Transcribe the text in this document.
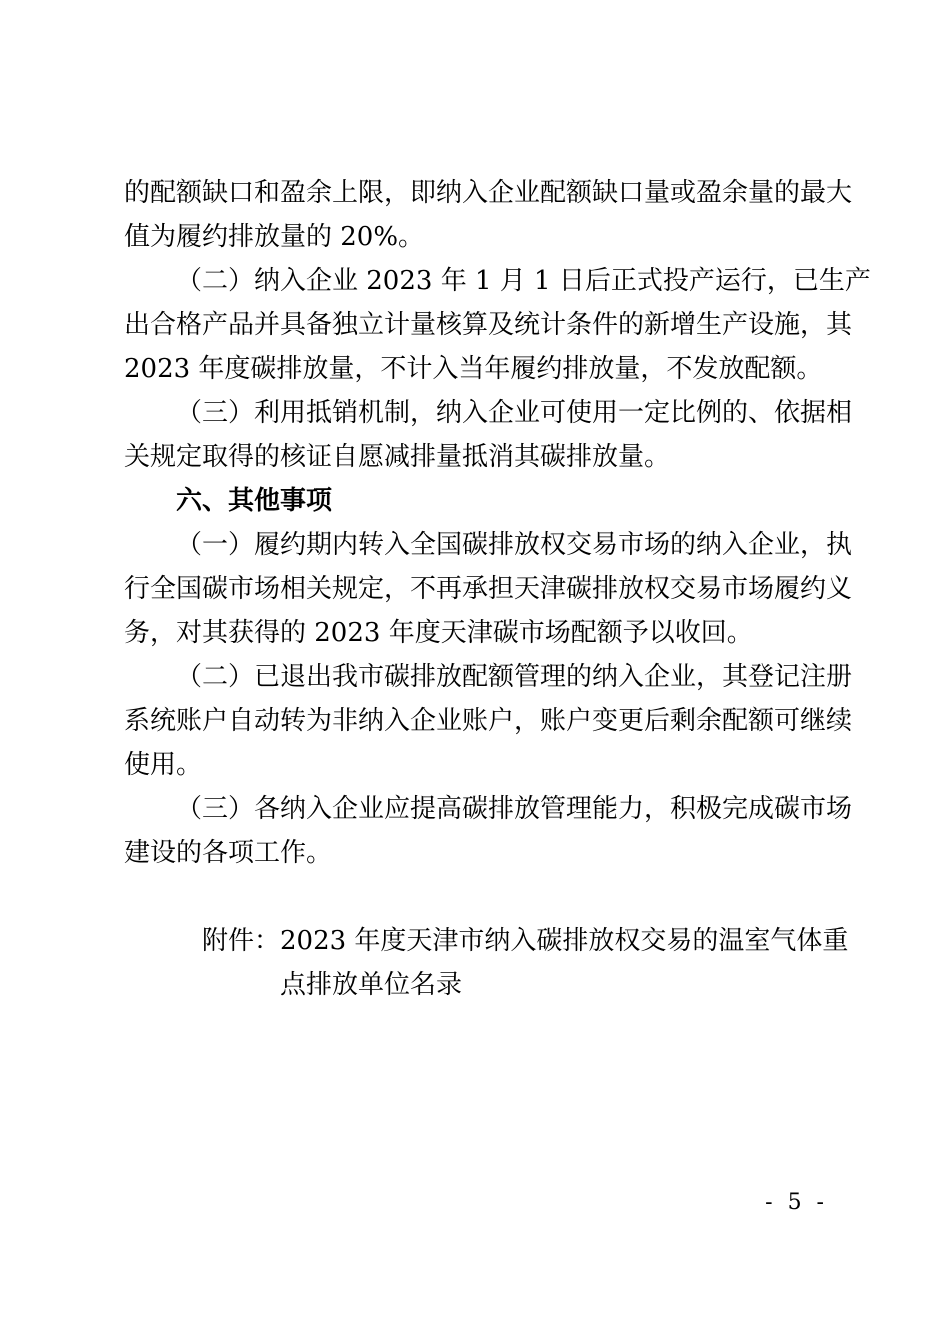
的配额缺口和盈余上限，即纳入企业配额缺口量或盈余量的最大
值为履约排放量的 20%。
（二）纳入企业 2023 年 1 月 1 日后正式投产运行，已生产
出合格产品并具备独立计量核算及统计条件的新增生产设施，其
2023 年度碳排放量，不计入当年履约排放量，不发放配额。
（三）利用抵销机制，纳入企业可使用一定比例的、依据相
关规定取得的核证自愿减排量抵消其碳排放量。
六、其他事项
（一）履约期内转入全国碳排放权交易市场的纳入企业，执
行全国碳市场相关规定，不再承担天津碳排放权交易市场履约义
务，对其获得的 2023 年度天津碳市场配额予以收回。
（二）已退出我市碳排放配额管理的纳入企业，其登记注册
系统账户自动转为非纳入企业账户，账户变更后剩余配额可继续
使用。
（三）各纳入企业应提高碳排放管理能力，积极完成碳市场
建设的各项工作。
附件：2023 年度天津市纳入碳排放权交易的温室气体重
点排放单位名录
- 5 -
